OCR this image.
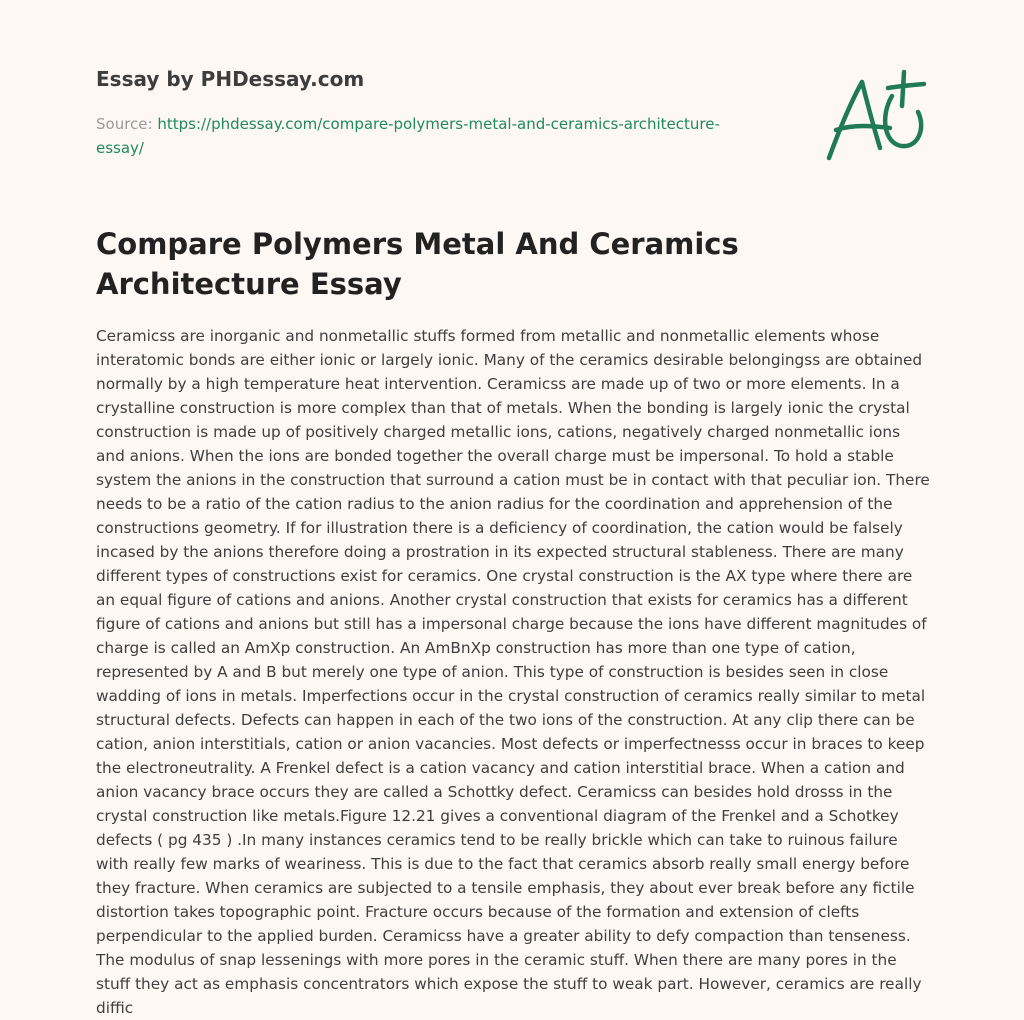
Essay by PHDessay.com
Source: https://phdessay.com/compare-polymers-metal-and-ceramics-architecture-essay/
Compare Polymers Metal And Ceramics Architecture Essay

Ceramicss are inorganic and nonmetallic stuffs formed from metallic and nonmetallic elements whose interatomic bonds are either ionic or largely ionic. Many of the ceramics desirable belongingss are obtained normally by a high temperature heat intervention. Ceramicss are made up of two or more elements. In a crystalline construction is more complex than that of metals. When the bonding is largely ionic the crystal construction is made up of positively charged metallic ions, cations, negatively charged nonmetallic ions and anions. When the ions are bonded together the overall charge must be impersonal. To hold a stable system the anions in the construction that surround a cation must be in contact with that peculiar ion. There needs to be a ratio of the cation radius to the anion radius for the coordination and apprehension of the constructions geometry. If for illustration there is a deficiency of coordination, the cation would be falsely incased by the anions therefore doing a prostration in its expected structural stableness. There are many different types of constructions exist for ceramics. One crystal construction is the AX type where there are an equal figure of cations and anions. Another crystal construction that exists for ceramics has a different figure of cations and anions but still has a impersonal charge because the ions have different magnitudes of charge is called an AmXp construction. An AmBnXp construction has more than one type of cation, represented by A and B but merely one type of anion. This type of construction is besides seen in close wadding of ions in metals. Imperfections occur in the crystal construction of ceramics really similar to metal structural defects. Defects can happen in each of the two ions of the construction. At any clip there can be cation, anion interstitials, cation or anion vacancies. Most defects or imperfectnesss occur in braces to keep the electroneutrality. A Frenkel defect is a cation vacancy and cation interstitial brace. When a cation and anion vacancy brace occurs they are called a Schottky defect. Ceramicss can besides hold drosss in the crystal construction like metals.Figure 12.21 gives a conventional diagram of the Frenkel and a Schotkey defects ( pg 435 ) .In many instances ceramics tend to be really brickle which can take to ruinous failure with really few marks of weariness. This is due to the fact that ceramics absorb really small energy before they fracture. When ceramics are subjected to a tensile emphasis, they about ever break before any fictile distortion takes topographic point. Fracture occurs because of the formation and extension of clefts perpendicular to the applied burden. Ceramicss have a greater ability to defy compaction than tenseness. The modulus of snap lessenings with more pores in the ceramic stuff. When there are many pores in the stuff they act as emphasis concentrators which expose the stuff to weak part. However, ceramics are really diffic
